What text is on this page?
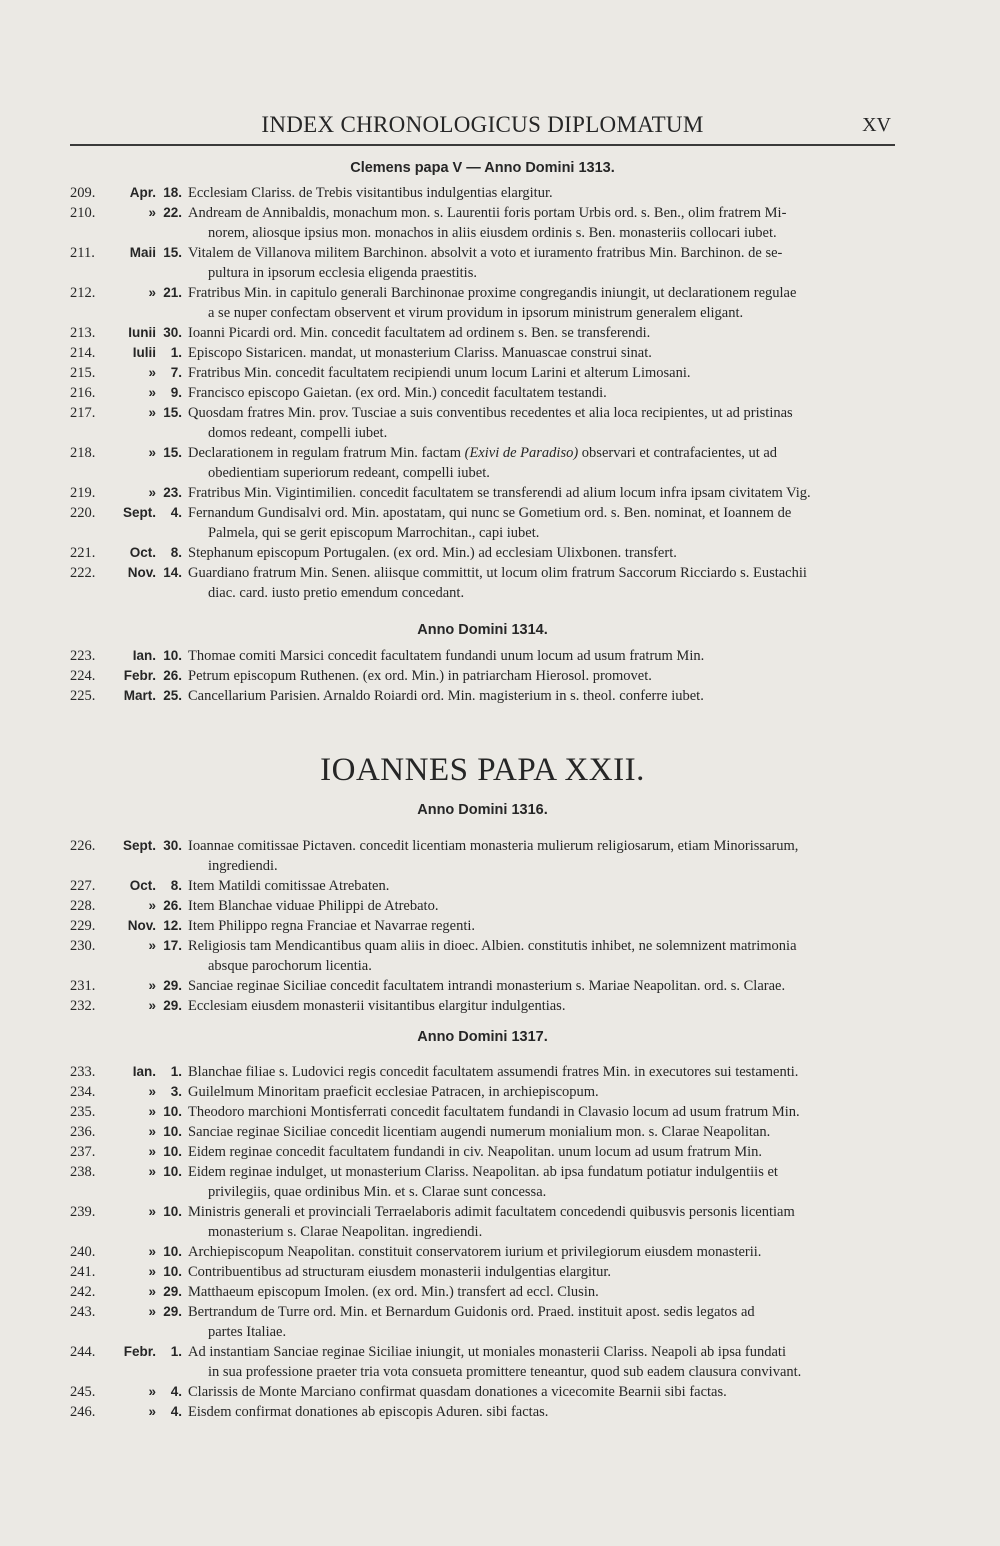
INDEX CHRONOLOGICUS DIPLOMATUM	XV
Clemens papa V — Anno Domini 1313.
209.	Apr. 18. Ecclesiam Clariss. de Trebis visitantibus indulgentias elargitur.
210.	» 22. Andream de Annibaldis, monachum mon. s. Laurentii foris portam Urbis ord. s. Ben., olim fratrem Mi-
norem, aliosque ipsius mon. monachos in aliis eiusdem ordinis s. Ben. monasteriis collocari iubet.
211.	Maii 15. Vitalem de Villanova militem Barchinon. absolvit a voto et iuramento fratribus Min. Barchinon. de se-
pultura in ipsorum ecclesia eligenda praestitis.
212.	» 21. Fratribus Min. in capitulo generali Barchinonae proxime congregandis iniungit, ut declarationem regulae
a se nuper confectam observent et virum providum in ipsorum ministrum generalem eligant.
213.	Iunii 30. Ioanni Picardi ord. Min. concedit facultatem ad ordinem s. Ben. se transferendi.
214.	Iulii	1. Episcopo Sistaricen. mandat, ut monasterium Clariss. Manuascae construi sinat.
215.	»	7. Fratribus Min. concedit facultatem recipiendi unum locum Larini et alterum Limosani.
216.	»	9. Francisco episcopo Gaietan. (ex ord. Min.) concedit facultatem testandi.
217.	» 15. Quosdam fratres Min. prov. Tusciae a suis conventibus recedentes et alia loca recipientes, ut ad pristinas
domos redeant, compelli iubet.
218.	» 15. Declarationem in regulam fratrum Min. factam (Exivi de Paradiso) observari et contrafacientes, ut ad
obedientiam superiorum redeant, compelli iubet.
219.	» 23. Fratribus Min. Vigintimilien. concedit facultatem se transferendi ad alium locum infra ipsam civitatem Vig.
220.	Sept.	4. Fernandum Gundisalvi ord. Min. apostatam, qui nunc se Gometium ord. s. Ben. nominat, et Ioannem de
Palmela, qui se gerit episcopum Marrochitan., capi iubet.
221.	Oct.	8. Stephanum episcopum Portugalen. (ex ord. Min.) ad ecclesiam Ulixbonen. transfert.
222.	Nov. 14. Guardiano fratrum Min. Senen. aliisque committit, ut locum olim fratrum Saccorum Ricciardo s. Eustachii
diac. card. iusto pretio emendum concedant.
Anno Domini 1314.
223.	Ian. 10. Thomae comiti Marsici concedit facultatem fundandi unum locum ad usum fratrum Min.
224.	Febr. 26. Petrum episcopum Ruthenen. (ex ord. Min.) in patriarcham Hierosol. promovet.
225.	Mart. 25. Cancellarium Parisien. Arnaldo Roiardi ord. Min. magisterium in s. theol. conferre iubet.
IOANNES PAPA XXII.
Anno Domini 1316.
226.	Sept. 30. Ioannae comitissae Pictaven. concedit licentiam monasteria mulierum religiosarum, etiam Minorissarum,
ingrediendi.
227.	Oct.	8. Item Matildi comitissae Atrebaten.
228.	» 26. Item Blanchae viduae Philippi de Atrebato.
229.	Nov. 12. Item Philippo regna Franciae et Navarrae regenti.
230.	» 17. Religiosis tam Mendicantibus quam aliis in dioec. Albien. constitutis inhibet, ne solemnizent matrimonia
absque parochorum licentia.
231.	» 29. Sanciae reginae Siciliae concedit facultatem intrandi monasterium s. Mariae Neapolitan. ord. s. Clarae.
232.	» 29. Ecclesiam eiusdem monasterii visitantibus elargitur indulgentias.
Anno Domini 1317.
233.	Ian.	1. Blanchae filiae s. Ludovici regis concedit facultatem assumendi fratres Min. in executores sui testamenti.
234.	»	3. Guilelmum Minoritam praeficit ecclesiae Patracen, in archiepiscopum.
235.	» 10. Theodoro marchioni Montisferrati concedit facultatem fundandi in Clavasio locum ad usum fratrum Min.
236.	» 10. Sanciae reginae Siciliae concedit licentiam augendi numerum monialium mon. s. Clarae Neapolitan.
237.	» 10. Eidem reginae concedit facultatem fundandi in civ. Neapolitan. unum locum ad usum fratrum Min.
238.	» 10. Eidem reginae indulget, ut monasterium Clariss. Neapolitan. ab ipsa fundatum potiatur indulgentiis et
privilegiis, quae ordinibus Min. et s. Clarae sunt concessa.
239.	» 10. Ministris generali et provinciali Terraelaboris adimit facultatem concedendi quibusvis personis licentiam
monasterium s. Clarae Neapolitan. ingrediendi.
240.	» 10. Archiepiscopum Neapolitan. constituit conservatorem iurium et privilegiorum eiusdem monasterii.
241.	» 10. Contribuentibus ad structuram eiusdem monasterii indulgentias elargitur.
242.	» 29. Matthaeum episcopum Imolen. (ex ord. Min.) transfert ad eccl. Clusin.
243.	» 29. Bertrandum de Turre ord. Min. et Bernardum Guidonis ord. Praed. instituit apost. sedis legatos ad
partes Italiae.
244.	Febr.	1. Ad instantiam Sanciae reginae Siciliae iniungit, ut moniales monasterii Clariss. Neapoli ab ipsa fundati
in sua professione praeter tria vota consueta promittere teneantur, quod sub eadem clausura convivant.
245.	»	4. Clarissis de Monte Marciano confirmat quasdam donationes a vicecomite Bearnii sibi factas.
246.	»	4. Eisdem confirmat donationes ab episcopis Aduren. sibi factas.
